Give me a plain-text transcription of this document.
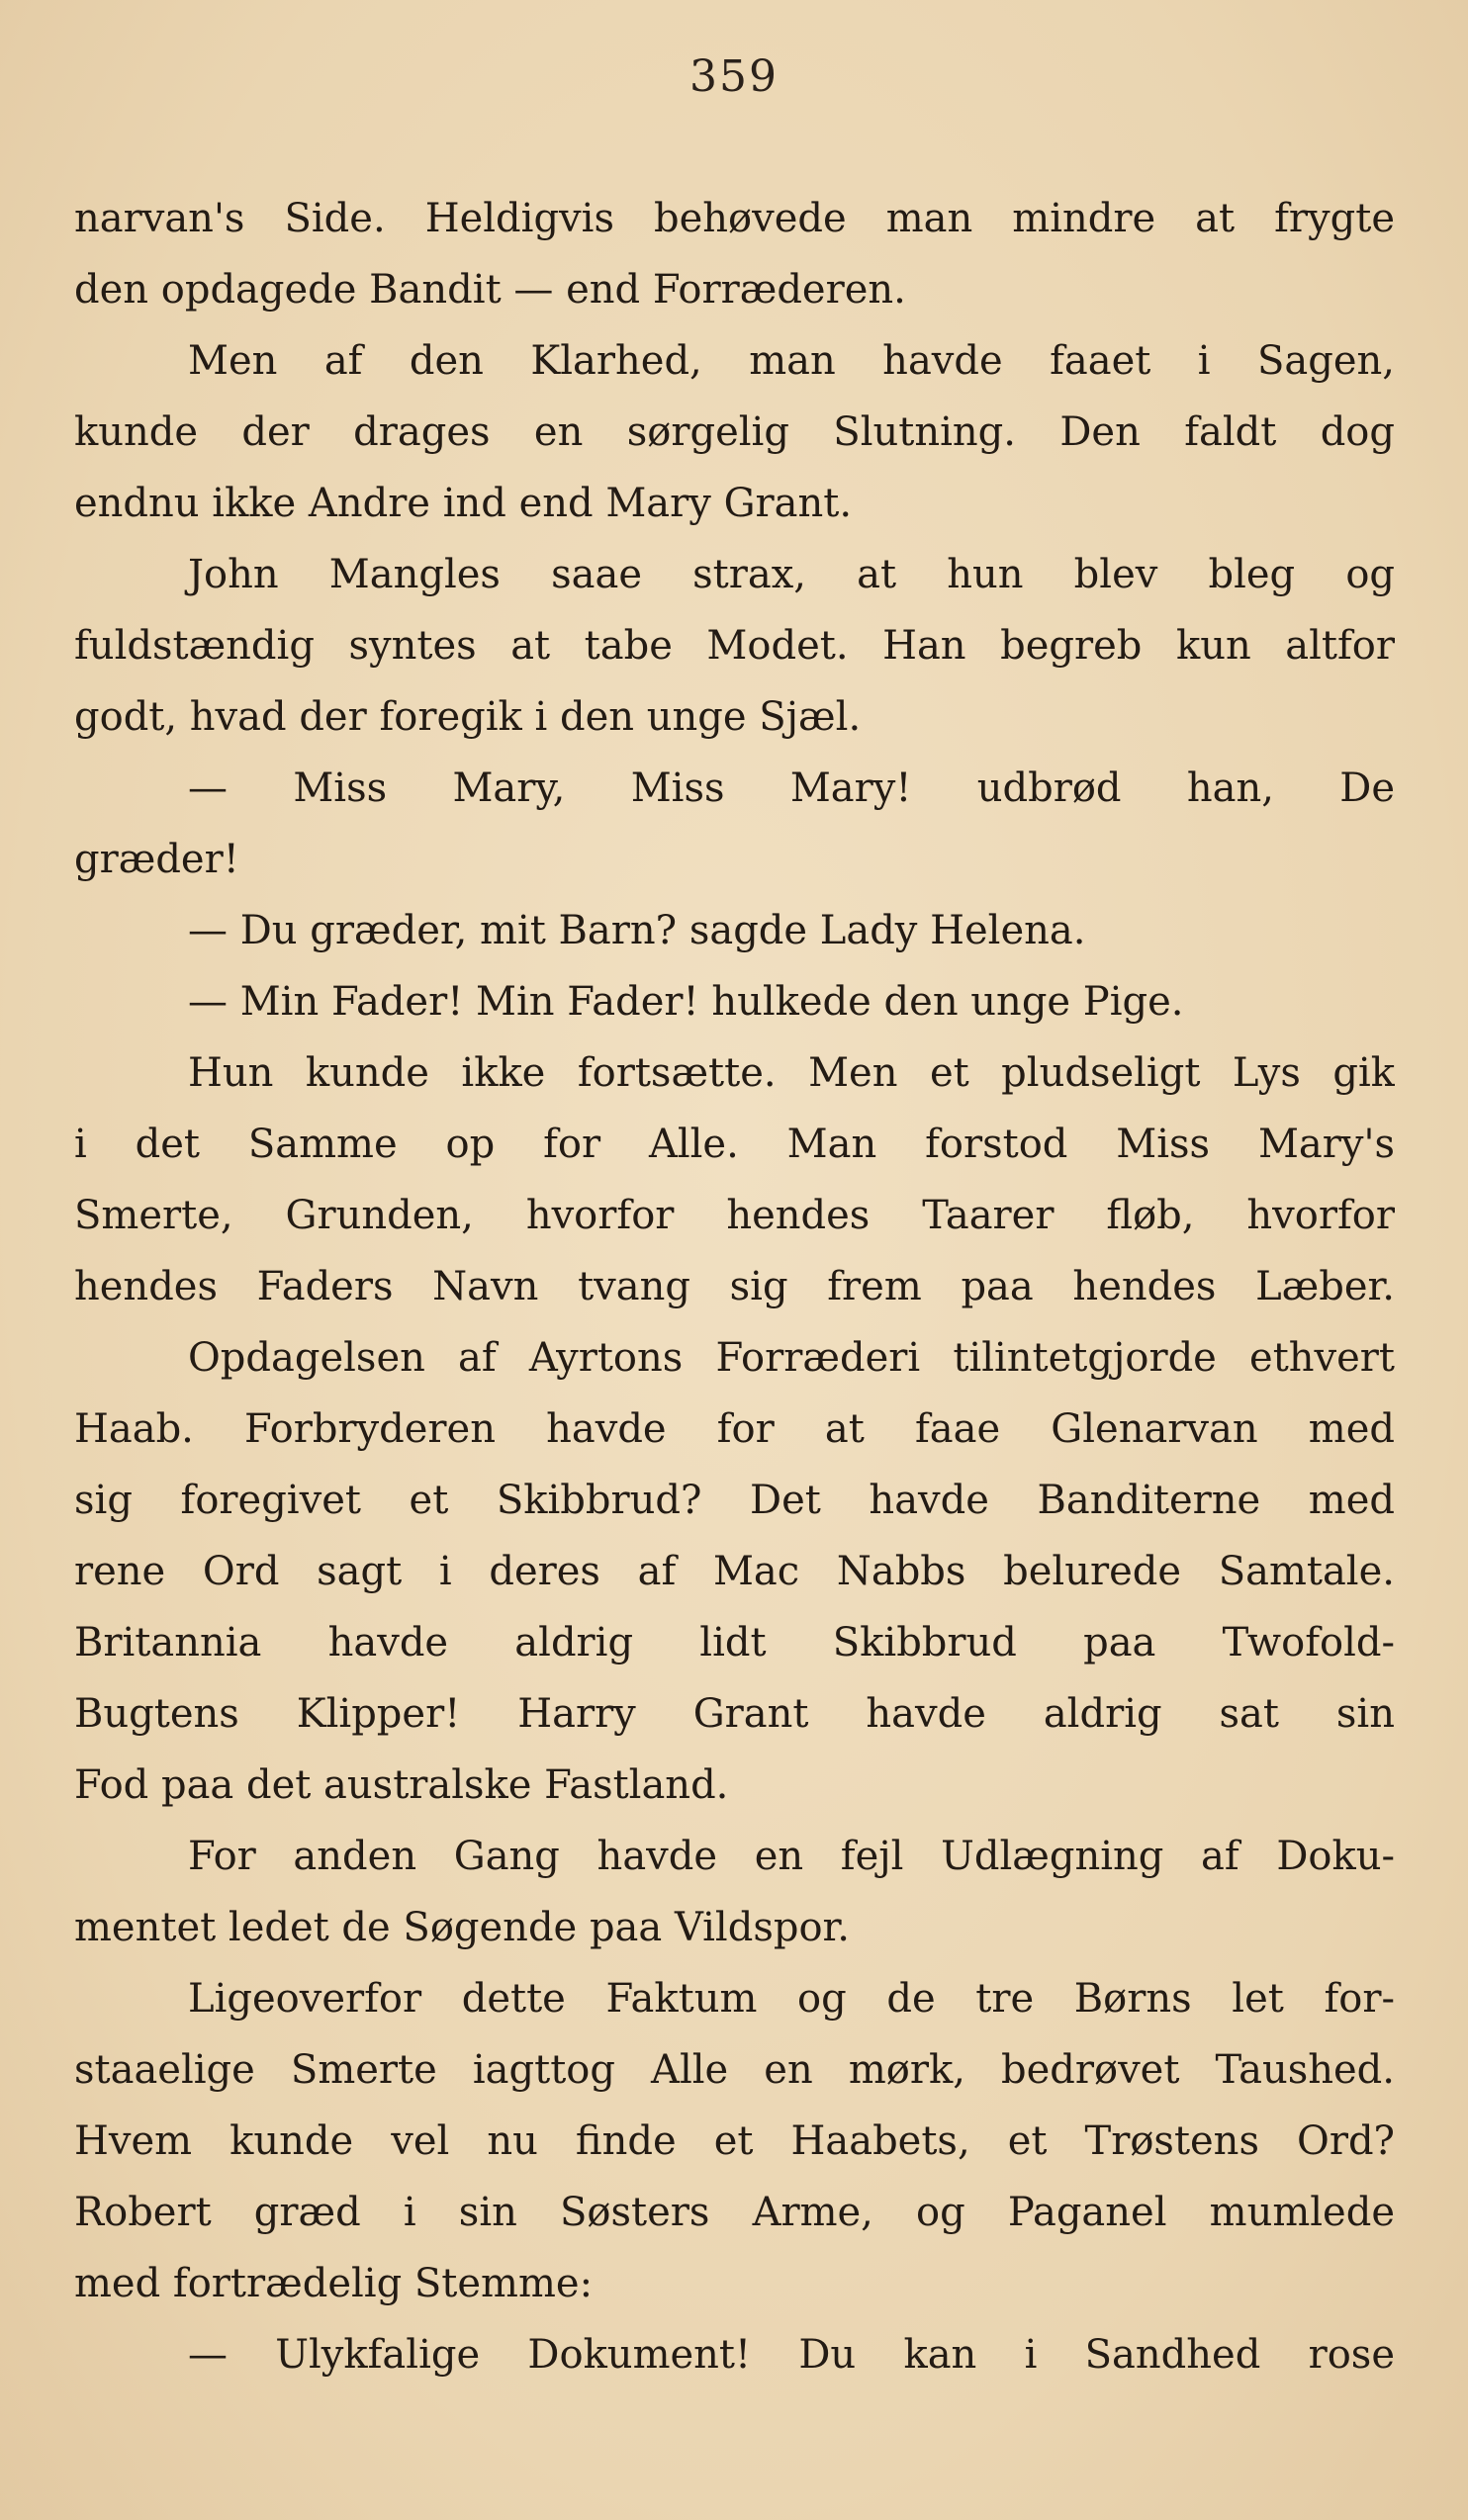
359
narvan's Side. Heldigvis behøvede man mindre at frygte
den opdagede Bandit — end Forræderen.
Men af den Klarhed, man havde faaet i Sagen,
kunde der drages en sørgelig Slutning. Den faldt dog
endnu ikke Andre ind end Mary Grant.
John Mangles saae strax, at hun blev bleg og
fuldstændig syntes at tabe Modet. Han begreb kun altfor
godt, hvad der foregik i den unge Sjæl.
— Miss Mary, Miss Mary! udbrød han, De
græder!
— Du græder, mit Barn? sagde Lady Helena.
— Min Fader! Min Fader! hulkede den unge Pige.
Hun kunde ikke fortsætte. Men et pludseligt Lys gik
i det Samme op for Alle. Man forstod Miss Mary's
Smerte, Grunden, hvorfor hendes Taarer fløb, hvorfor
hendes Faders Navn tvang sig frem paa hendes Læber.
Opdagelsen af Ayrtons Forræderi tilintetgjorde ethvert
Haab. Forbryderen havde for at faae Glenarvan med
sig foregivet et Skibbrud? Det havde Banditerne med
rene Ord sagt i deres af Mac Nabbs belurede Samtale.
Britannia havde aldrig lidt Skibbrud paa Twofold-
Bugtens Klipper! Harry Grant havde aldrig sat sin
Fod paa det australske Fastland.
For anden Gang havde en fejl Udlægning af Doku-
mentet ledet de Søgende paa Vildspor.
Ligeoverfor dette Faktum og de tre Børns let for-
staaelige Smerte iagttog Alle en mørk, bedrøvet Taushed.
Hvem kunde vel nu finde et Haabets, et Trøstens Ord?
Robert græd i sin Søsters Arme, og Paganel mumlede
med fortrædelig Stemme:
— Ulykfalige Dokument! Du kan i Sandhed rose
